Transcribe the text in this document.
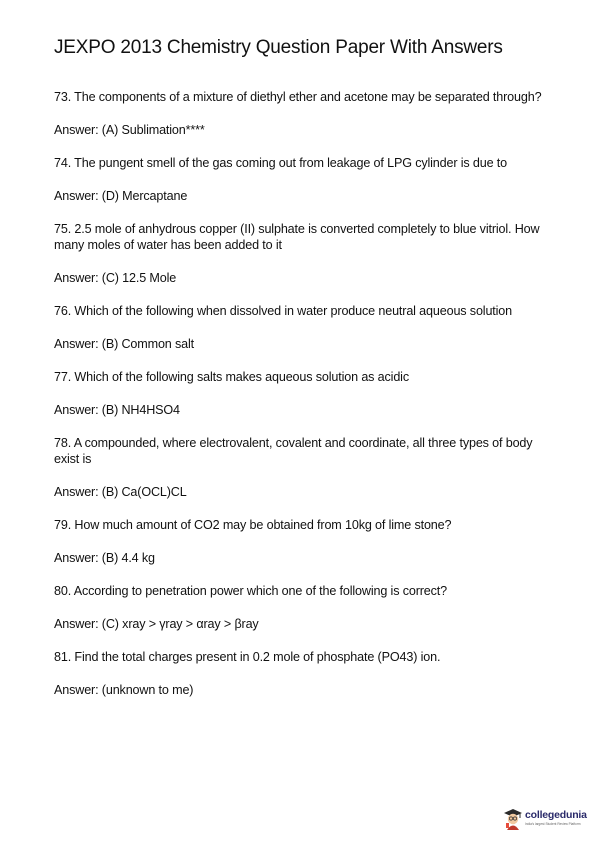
JEXPO 2013 Chemistry Question Paper With Answers

73. The components of a mixture of diethyl ether and acetone may be separated through?

Answer: (A) Sublimation****

74. The pungent smell of the gas coming out from leakage of LPG cylinder is due to

Answer: (D) Mercaptane

75. 2.5 mole of anhydrous copper (II) sulphate is converted completely to blue vitriol. How many moles of water has been added to it

Answer: (C) 12.5 Mole

76. Which of the following when dissolved in water produce neutral aqueous solution

Answer: (B) Common salt

77. Which of the following salts makes aqueous solution as acidic

Answer: (B) NH4HSO4

78. A compounded, where electrovalent, covalent and coordinate, all three types of body exist is

Answer: (B) Ca(OCL)CL

79. How much amount of CO2 may be obtained from 10kg of lime stone?

Answer: (B) 4.4 kg

80. According to penetration power which one of the following is correct?

Answer: (C) xray > γray > αray > βray

81. Find the total charges present in 0.2 mole of phosphate (PO43) ion.

Answer: (unknown to me)

collegedunia
India's largest Student Review Platform
